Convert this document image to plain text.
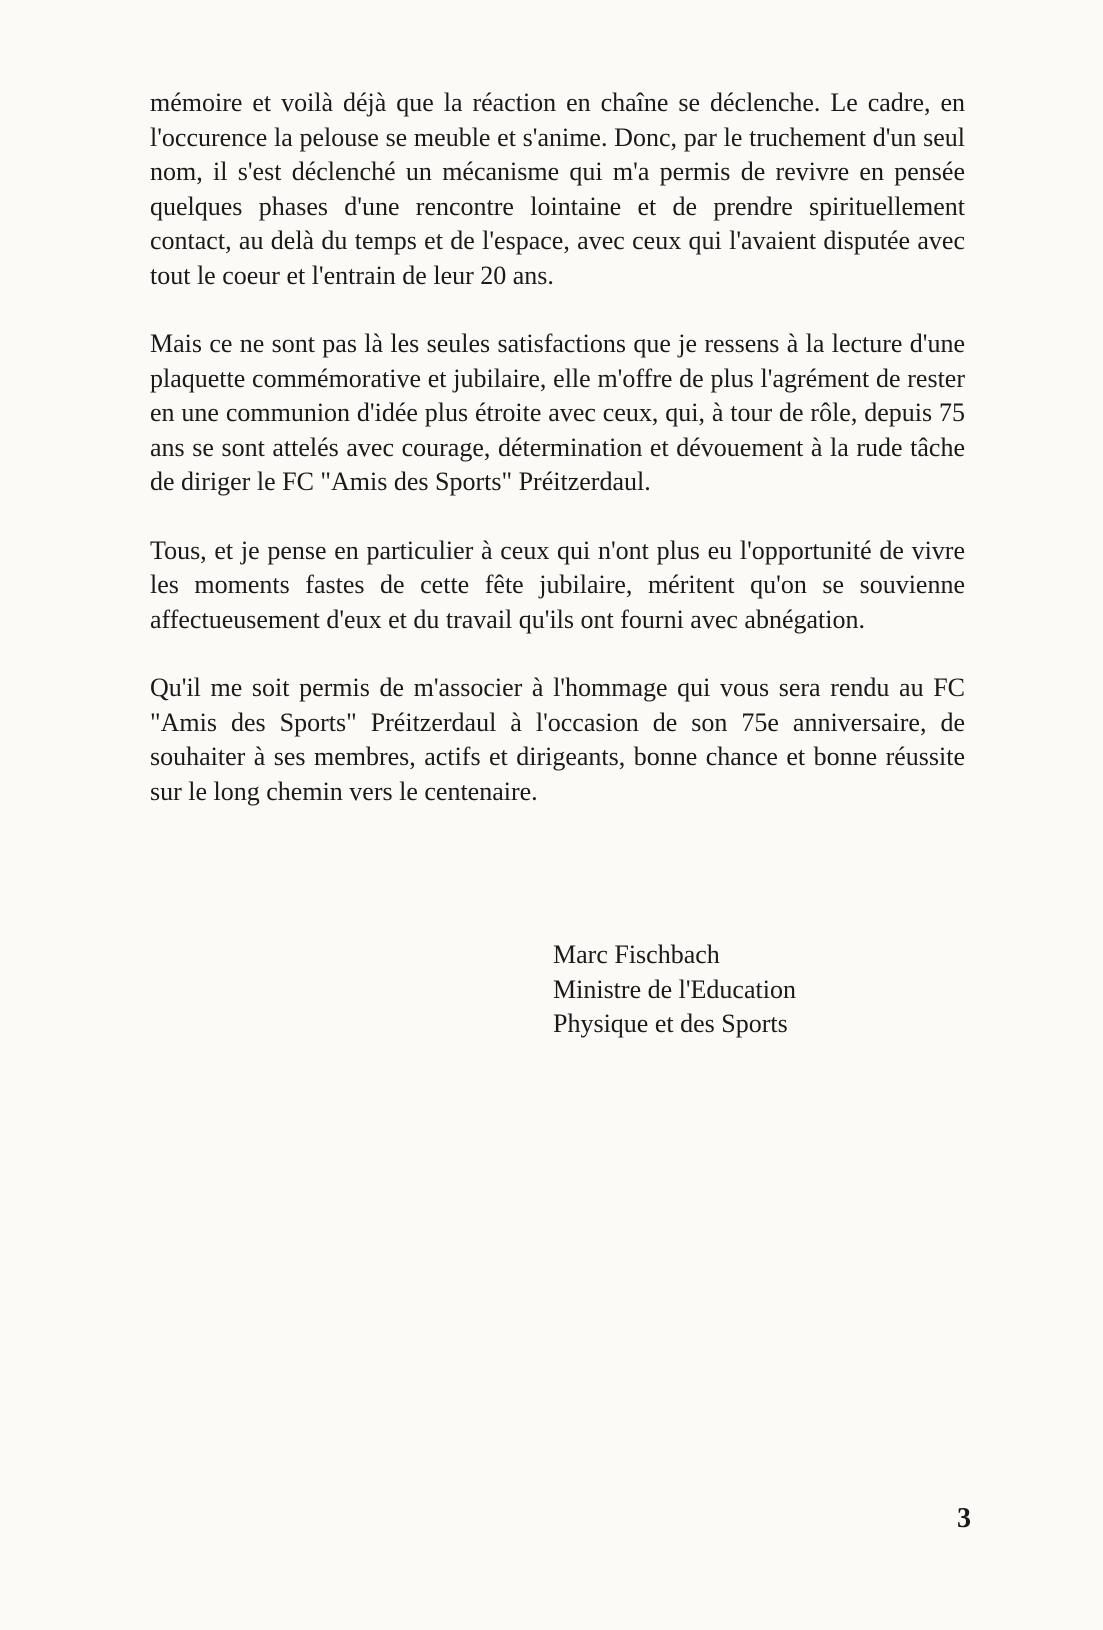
mémoire et voilà déjà que la réaction en chaîne se déclenche. Le cadre, en l'occurence la pelouse se meuble et s'anime. Donc, par le truchement d'un seul nom, il s'est déclenché un mécanisme qui m'a permis de revivre en pensée quelques phases d'une rencontre lointaine et de prendre spirituellement contact, au delà du temps et de l'espace, avec ceux qui l'avaient disputée avec tout le coeur et l'entrain de leur 20 ans.

Mais ce ne sont pas là les seules satisfactions que je ressens à la lecture d'une plaquette commémorative et jubilaire, elle m'offre de plus l'agrément de rester en une communion d'idée plus étroite avec ceux, qui, à tour de rôle, depuis 75 ans se sont attelés avec courage, détermination et dévouement à la rude tâche de diriger le FC "Amis des Sports" Préitzerdaul.

Tous, et je pense en particulier à ceux qui n'ont plus eu l'opportunité de vivre les moments fastes de cette fête jubilaire, méritent qu'on se souvienne affectueusement d'eux et du travail qu'ils ont fourni avec abnégation.

Qu'il me soit permis de m'associer à l'hommage qui vous sera rendu au FC "Amis des Sports" Préitzerdaul à l'occasion de son 75e anniversaire, de souhaiter à ses membres, actifs et dirigeants, bonne chance et bonne réussite sur le long chemin vers le centenaire.

Marc Fischbach
Ministre de l'Education
Physique et des Sports
3
